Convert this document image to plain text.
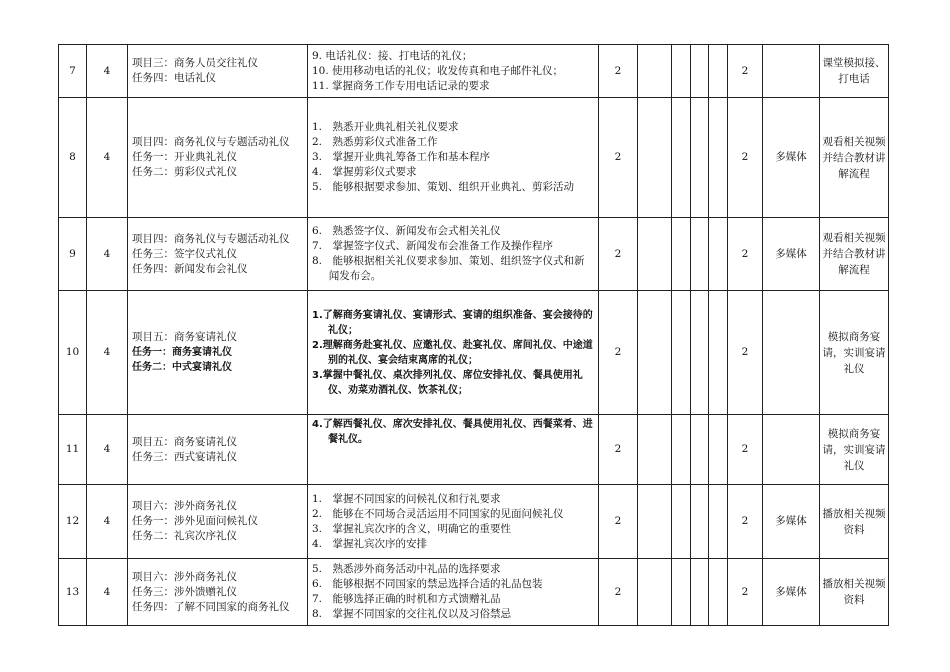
7	4	项目三：商务人员交往礼仪
任务四：电话礼仪	9. 电话礼仪：接、打电话的礼仪；
10. 使用移动电话的礼仪；收发传真和电子邮件礼仪；
11. 掌握商务工作专用电话记录的要求	2					2		课堂模拟接、打电话
8	4	项目四：商务礼仪与专题活动礼仪
任务一：开业典礼礼仪
任务二：剪彩仪式礼仪	1.　熟悉开业典礼相关礼仪要求
2.　熟悉剪彩仪式准备工作
3.　掌握开业典礼筹备工作和基本程序
4.　掌握剪彩仪式要求
5.　能够根据要求参加、策划、组织开业典礼、剪彩活动	2					2	多媒体	观看相关视频并结合教材讲解流程
9	4	项目四：商务礼仪与专题活动礼仪
任务三：签字仪式礼仪
任务四：新闻发布会礼仪	6.　熟悉签字仪、新闻发布会式相关礼仪
7.　掌握签字仪式、新闻发布会准备工作及操作程序
8.　能够根据相关礼仪要求参加、策划、组织签字仪式和新闻发布会。	2					2	多媒体	观看相关视频并结合教材讲解流程
10	4	项目五：商务宴请礼仪
任务一：商务宴请礼仪
任务二：中式宴请礼仪	1.了解商务宴请礼仪、宴请形式、宴请的组织准备、宴会接待的礼仪；
2.理解商务赴宴礼仪、应邀礼仪、赴宴礼仪、席间礼仪、中途道别的礼仪、宴会结束离席的礼仪；
3.掌握中餐礼仪、桌次排列礼仪、席位安排礼仪、餐具使用礼仪、劝菜劝酒礼仪、饮茶礼仪；	2					2		模拟商务宴请，实训宴请礼仪
11	4	项目五：商务宴请礼仪
任务三：西式宴请礼仪	4.了解西餐礼仪、席次安排礼仪、餐具使用礼仪、西餐菜肴、进餐礼仪。	2					2		模拟商务宴请，实训宴请礼仪
12	4	项目六：涉外商务礼仪
任务一：涉外见面问候礼仪
任务二：礼宾次序礼仪	1.　掌握不同国家的问候礼仪和行礼要求
2.　能够在不同场合灵活运用不同国家的见面问候礼仪
3.　掌握礼宾次序的含义，明确它的重要性
4.　掌握礼宾次序的安排	2					2	多媒体	播放相关视频资料
13	4	项目六：涉外商务礼仪
任务三：涉外馈赠礼仪
任务四：了解不同国家的商务礼仪	5.　熟悉涉外商务活动中礼品的选择要求
6.　能够根据不同国家的禁忌选择合适的礼品包装
7.　能够选择正确的时机和方式馈赠礼品
8.　掌握不同国家的交往礼仪以及习俗禁忌	2					2	多媒体	播放相关视频资料
